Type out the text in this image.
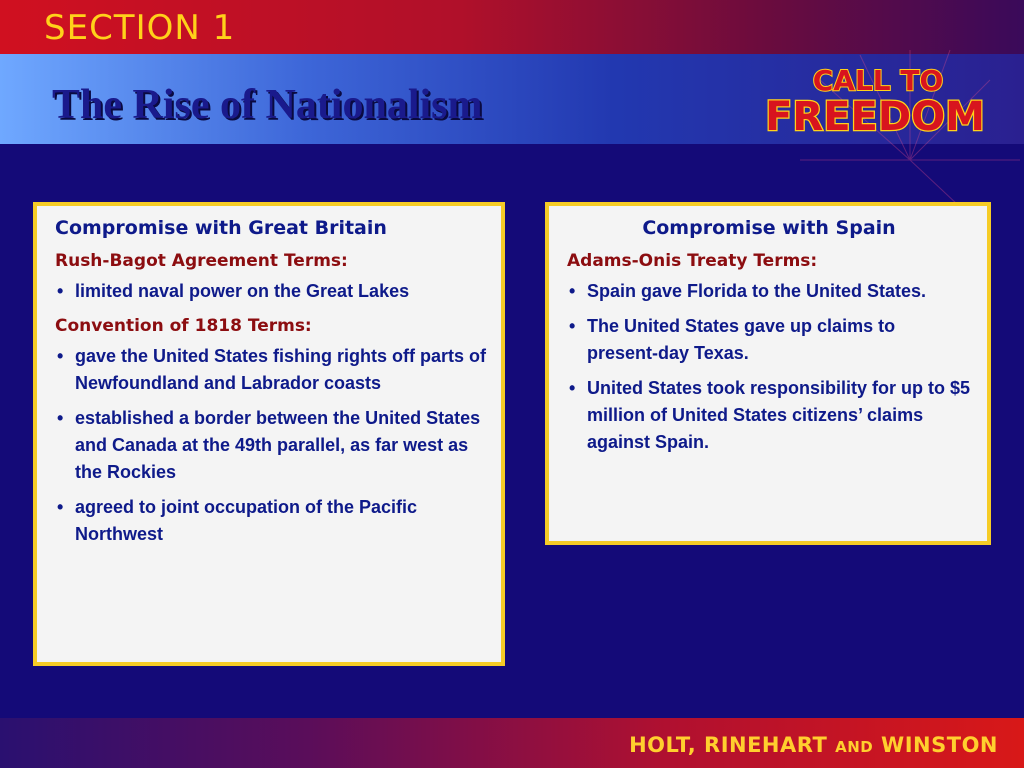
SECTION 1
The Rise of Nationalism
CALL TO
FREEDOM
Compromise with Great Britain
Rush-Bagot Agreement Terms:
• limited naval power on the Great Lakes
Convention of 1818 Terms:
• gave the United States fishing rights off parts of Newfoundland and Labrador coasts
• established a border between the United States and Canada at the 49th parallel, as far west as the Rockies
• agreed to joint occupation of the Pacific Northwest
Compromise with Spain
Adams-Onis Treaty Terms:
• Spain gave Florida to the United States.
• The United States gave up claims to present-day Texas.
• United States took responsibility for up to $5 million of United States citizens’ claims against Spain.
HOLT, RINEHART AND WINSTON
